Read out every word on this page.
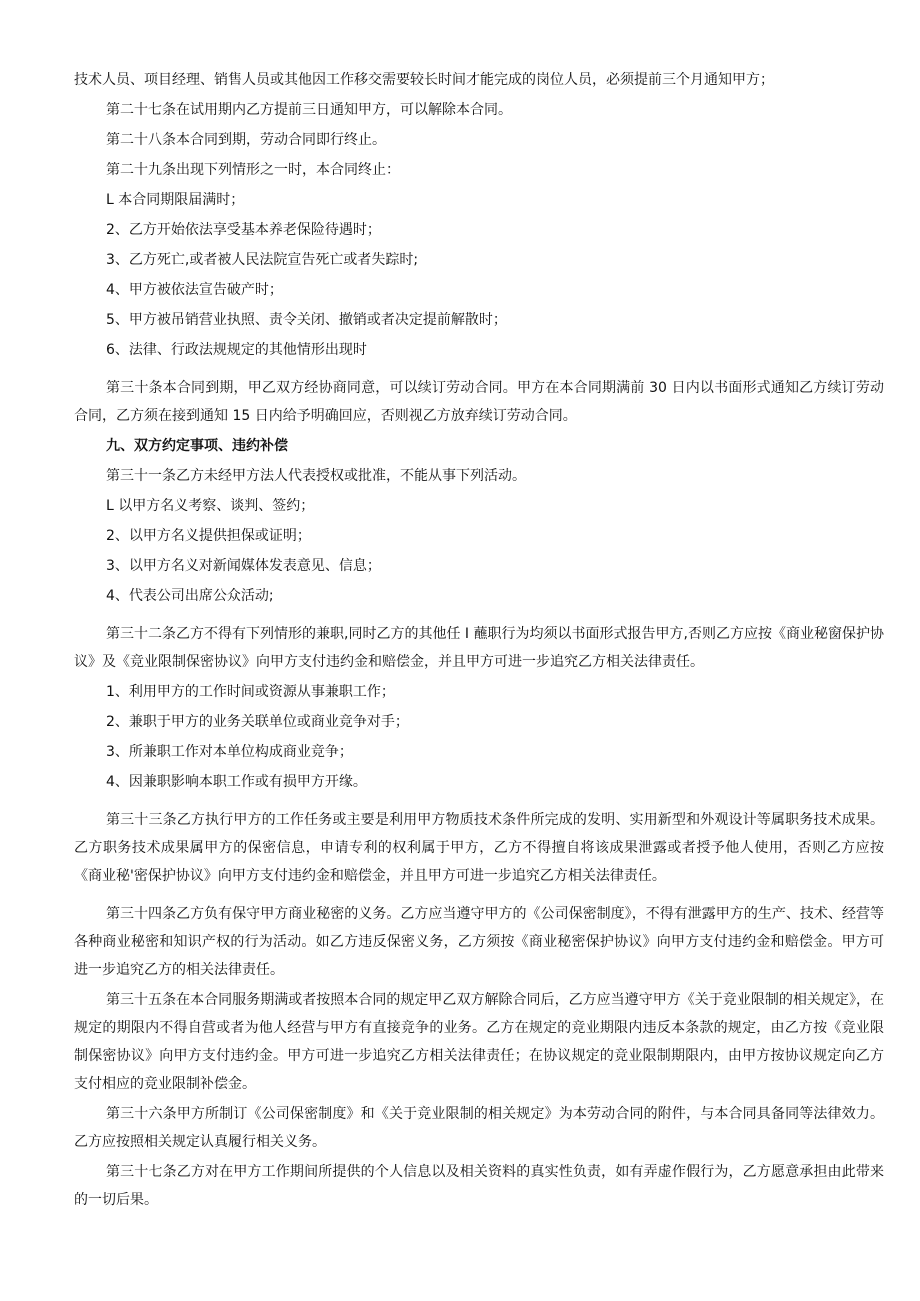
技术人员、项目经理、销售人员或其他因工作移交需要较长时间才能完成的岗位人员，必须提前三个月通知甲方；

第二十七条在试用期内乙方提前三日通知甲方，可以解除本合同。

第二十八条本合同到期，劳动合同即行终止。

第二十九条出现下列情形之一时，本合同终止：

L 本合同期限届满时；

2、乙方开始依法享受基本养老保险待遇时；

3、乙方死亡,或者被人民法院宣告死亡或者失踪时;

4、甲方被依法宣告破产时；

5、甲方被吊销营业执照、责令关闭、撤销或者决定提前解散时；

6、法律、行政法规规定的其他情形出现时

第三十条本合同到期，甲乙双方经协商同意，可以续订劳动合同。甲方在本合同期满前 30 日内以书面形式通知乙方续订劳动合同，乙方须在接到通知 15 日内给予明确回应，否则视乙方放弃续订劳动合同。

九、双方约定事项、违约补偿

第三十一条乙方未经甲方法人代表授权或批准，不能从事下列活动。

L 以甲方名义考察、谈判、签约；

2、以甲方名义提供担保或证明；

3、以甲方名义对新闻媒体发表意见、信息；

4、代表公司出席公众活动;

第三十二条乙方不得有下列情形的兼职,同时乙方的其他任 I 蘸职行为均须以书面形式报告甲方,否则乙方应按《商业秘窗保护协议》及《竞业限制保密协议》向甲方支付违约金和赔偿金，并且甲方可进一步追究乙方相关法律责任。

1、利用甲方的工作时间或资源从事兼职工作；

2、兼职于甲方的业务关联单位或商业竞争对手；

3、所兼职工作对本单位构成商业竞争；

4、因兼职影响本职工作或有损甲方开缘。

第三十三条乙方执行甲方的工作任务或主要是利用甲方物质技术条件所完成的发明、实用新型和外观设计等属职务技术成果。乙方职务技术成果属甲方的保密信息，申请专利的权利属于甲方，乙方不得擅自将该成果泄露或者授予他人使用，否则乙方应按《商业秘'密保护协议》向甲方支付违约金和赔偿金，并且甲方可进一步追究乙方相关法律责任。

第三十四条乙方负有保守甲方商业秘密的义务。乙方应当遵守甲方的《公司保密制度》，不得有泄露甲方的生产、技术、经营等各种商业秘密和知识产权的行为活动。如乙方违反保密义务，乙方须按《商业秘密保护协议》向甲方支付违约金和赔偿金。甲方可进一步追究乙方的相关法律责任。

第三十五条在本合同服务期满或者按照本合同的规定甲乙双方解除合同后，乙方应当遵守甲方《关于竞业限制的相关规定》，在规定的期限内不得自营或者为他人经营与甲方有直接竞争的业务。乙方在规定的竞业期限内违反本条款的规定，由乙方按《竞业限制保密协议》向甲方支付违约金。甲方可进一步追究乙方相关法律责任；在协议规定的竞业限制期限内，由甲方按协议规定向乙方支付相应的竞业限制补偿金。

第三十六条甲方所制订《公司保密制度》和《关于竞业限制的相关规定》为本劳动合同的附件，与本合同具备同等法律效力。乙方应按照相关规定认真履行相关义务。

第三十七条乙方对在甲方工作期间所提供的个人信息以及相关资料的真实性负责，如有弄虚作假行为，乙方愿意承担由此带来的一切后果。
